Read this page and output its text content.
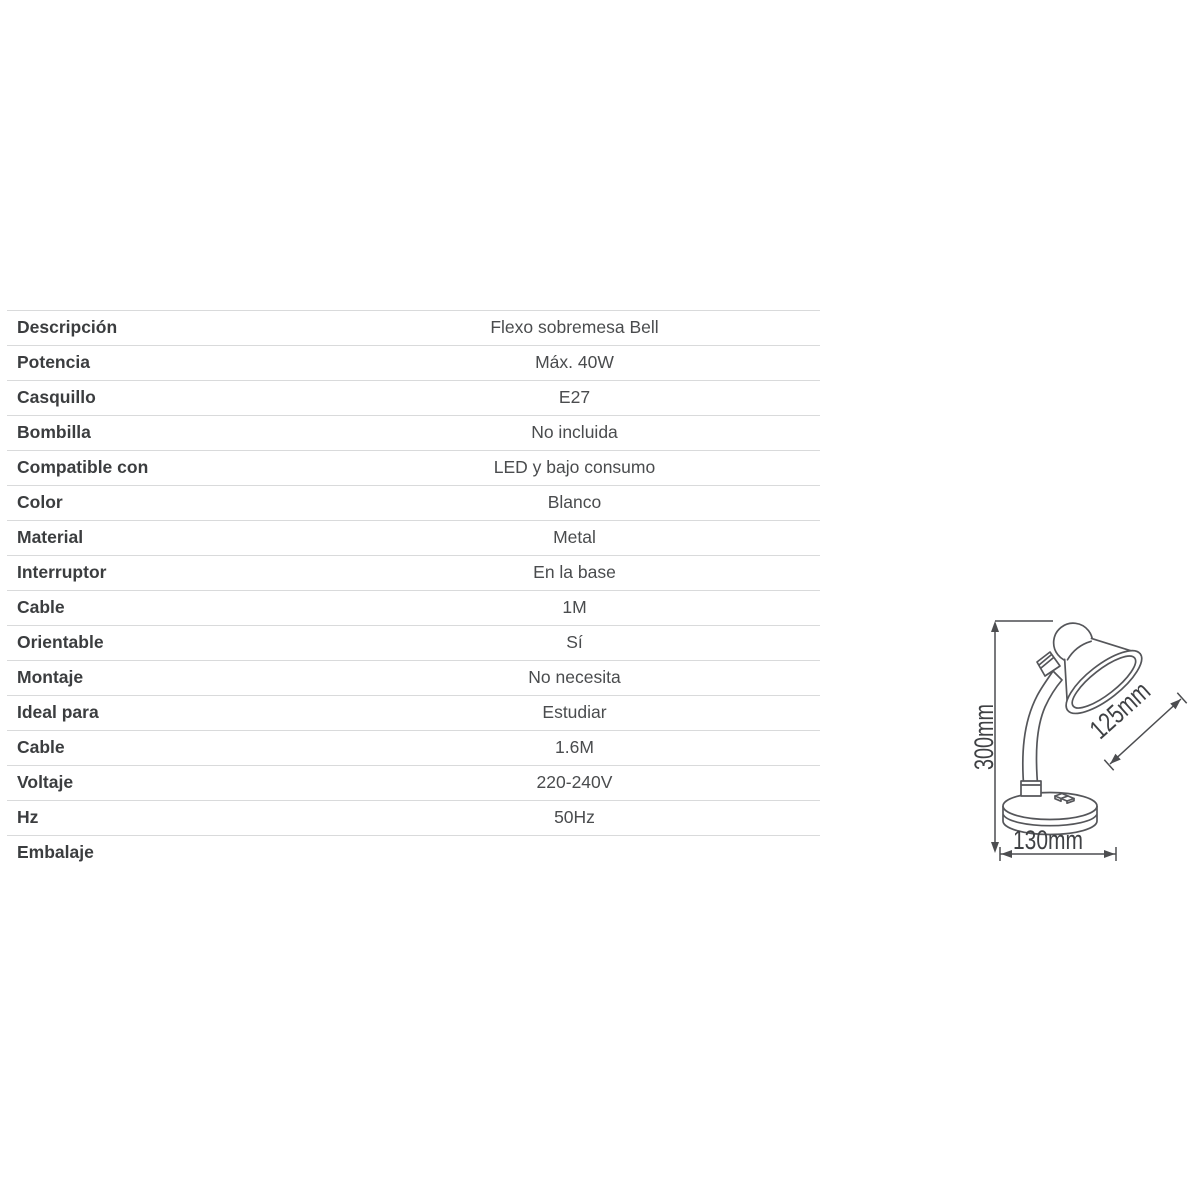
Descripción	Flexo sobremesa Bell
Potencia	Máx. 40W
Casquillo	E27
Bombilla	No incluida
Compatible con	LED y bajo consumo
Color	Blanco
Material	Metal
Interruptor	En la base
Cable	1M
Orientable	Sí
Montaje	No necesita
Ideal para	Estudiar
Cable	1.6M
Voltaje	220-240V
Hz	50Hz
Embalaje
300mm
130mm
125mm
